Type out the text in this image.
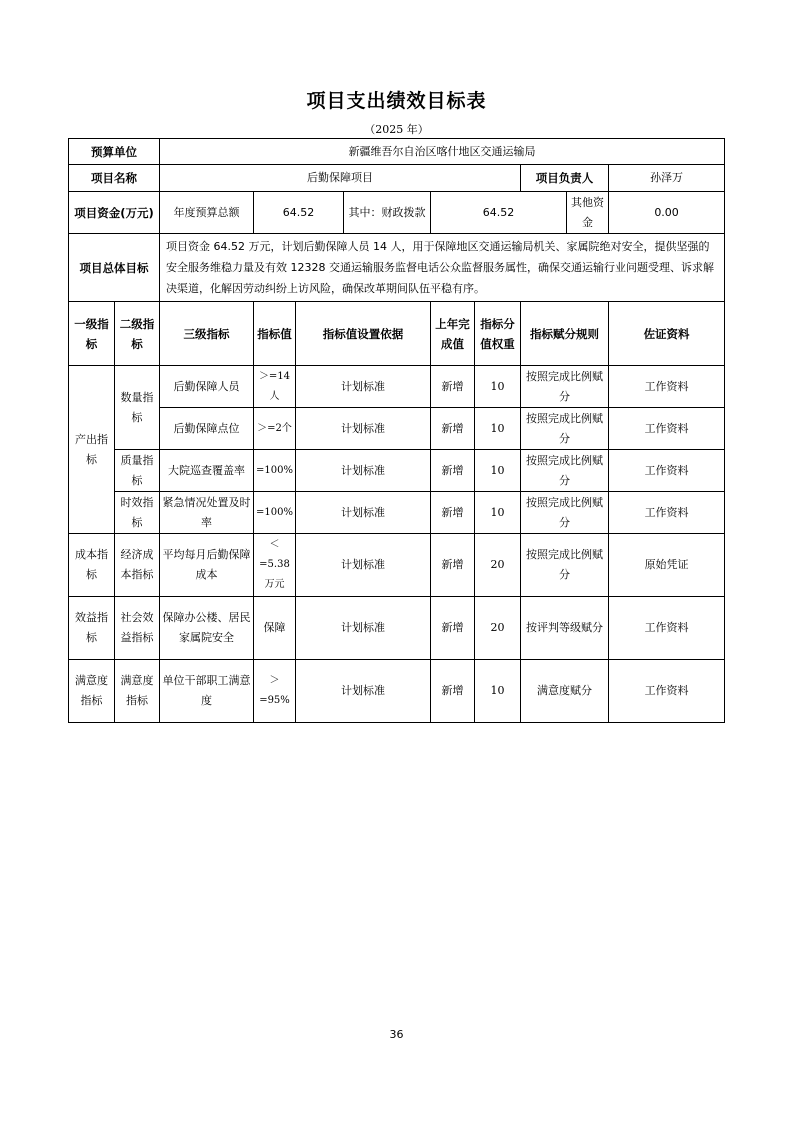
项目支出绩效目标表
（2025 年）
预算单位		新疆维吾尔自治区喀什地区交通运输局								
项目名称		后勤保障项目						项目负责人		孙泽万
项目资金(万元)		年度预算总额	64.52		其中：财政拨款	64.52			其他资金	0.00
项目总体目标		项目资金 64.52 万元，计划后勤保障人员 14 人，用于保障地区交通运输局机关、家属院绝对安全，提供坚强的安全服务维稳力量及有效 12328 交通运输服务监督电话公众监督服务属性，确保交通运输行业问题受理、诉求解决渠道，化解因劳动纠纷上访风险，确保改革期间队伍平稳有序。								
一级指标	二级指标	三级指标	指标值	指标值设置依据		上年完成值	指标分值权重	指标赋分规则		佐证资料
产出指标	数量指标	后勤保障人员	＞=14人	计划标准		新增	10	按照完成比例赋分		工作资料
		后勤保障点位	＞=2个	计划标准		新增	10	按照完成比例赋分		工作资料
	质量指标	大院巡查覆盖率	=100%	计划标准		新增	10	按照完成比例赋分		工作资料
	时效指标	紧急情况处置及时率	=100%	计划标准		新增	10	按照完成比例赋分		工作资料
成本指标	经济成本指标	平均每月后勤保障成本	＜=5.38万元	计划标准		新增	20	按照完成比例赋分		原始凭证
效益指标	社会效益指标	保障办公楼、居民家属院安全	保障	计划标准		新增	20	按评判等级赋分		工作资料
满意度指标	满意度指标	单位干部职工满意度	＞=95%	计划标准		新增	10	满意度赋分		工作资料
36
